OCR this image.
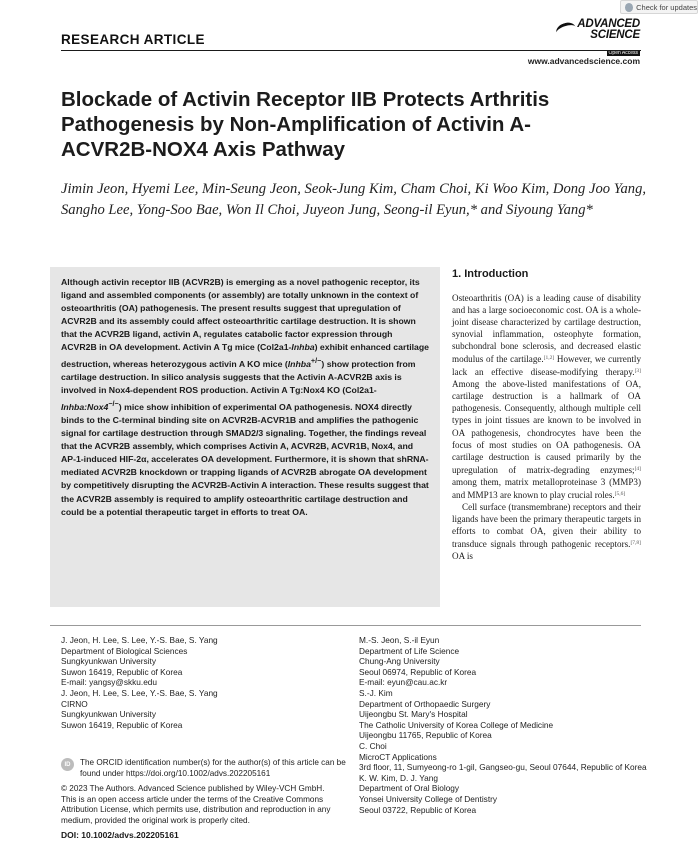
Check for updates
RESEARCH ARTICLE
ADVANCED
SCIENCE
Open Access
www.advancedscience.com
Blockade of Activin Receptor IIB Protects Arthritis Pathogenesis by Non-Amplification of Activin A-ACVR2B-NOX4 Axis Pathway
Jimin Jeon, Hyemi Lee, Min-Seung Jeon, Seok-Jung Kim, Cham Choi, Ki Woo Kim, Dong Joo Yang, Sangho Lee, Yong-Soo Bae, Won Il Choi, Juyeon Jung, Seong-il Eyun,* and Siyoung Yang*
Although activin receptor IIB (ACVR2B) is emerging as a novel pathogenic receptor, its ligand and assembled components (or assembly) are totally unknown in the context of osteoarthritis (OA) pathogenesis. The present results suggest that upregulation of ACVR2B and its assembly could affect osteoarthritic cartilage destruction. It is shown that the ACVR2B ligand, activin A, regulates catabolic factor expression through ACVR2B in OA development. Activin A Tg mice (Col2a1-Inhba) exhibit enhanced cartilage destruction, whereas heterozygous activin A KO mice (Inhba+/−) show protection from cartilage destruction. In silico analysis suggests that the Activin A-ACVR2B axis is involved in Nox4-dependent ROS production. Activin A Tg:Nox4 KO (Col2a1-Inhba:Nox4−/−) mice show inhibition of experimental OA pathogenesis. NOX4 directly binds to the C-terminal binding site on ACVR2B-ACVR1B and amplifies the pathogenic signal for cartilage destruction through SMAD2/3 signaling. Together, the findings reveal that the ACVR2B assembly, which comprises Activin A, ACVR2B, ACVR1B, Nox4, and AP-1-induced HIF-2α, accelerates OA development. Furthermore, it is shown that shRNA-mediated ACVR2B knockdown or trapping ligands of ACVR2B abrogate OA development by competitively disrupting the ACVR2B-Activin A interaction. These results suggest that the ACVR2B assembly is required to amplify osteoarthritic cartilage destruction and could be a potential therapeutic target in efforts to treat OA.
1. Introduction

Osteoarthritis (OA) is a leading cause of disability and has a large socioeconomic cost. OA is a whole-joint disease characterized by cartilage destruction, synovial inflammation, osteophyte formation, subchondral bone sclerosis, and decreased elastic modulus of the cartilage.[1,2] However, we currently lack an effective disease-modifying therapy.[3] Among the above-listed manifestations of OA, cartilage destruction is a hallmark of OA pathogenesis. Consequently, although multiple cell types in joint tissues are known to be involved in OA pathogenesis, chondrocytes have been the focus of most studies on OA pathogenesis. OA cartilage destruction is caused primarily by the upregulation of matrix-degrading enzymes;[4] among them, matrix metalloproteinase 3 (MMP3) and MMP13 are known to play crucial roles.[5,6]

Cell surface (transmembrane) receptors and their ligands have been the primary therapeutic targets in efforts to combat OA, given their ability to transduce signals through pathogenic receptors.[7,8] OA is

J. Jeon, H. Lee, S. Lee, Y.-S. Bae, S. Yang
Department of Biological Sciences
Sungkyunkwan University
Suwon 16419, Republic of Korea
E-mail: yangsy@skku.edu
J. Jeon, H. Lee, S. Lee, Y.-S. Bae, S. Yang
CIRNO
Sungkyunkwan University
Suwon 16419, Republic of Korea
M.-S. Jeon, S.-il Eyun
Department of Life Science
Chung-Ang University
Seoul 06974, Republic of Korea
E-mail: eyun@cau.ac.kr
S.-J. Kim
Department of Orthopaedic Surgery
Uijeongbu St. Mary's Hospital
The Catholic University of Korea College of Medicine
Uijeongbu 11765, Republic of Korea
C. Choi
MicroCT Applications
3rd floor, 11, Sumyeong-ro 1-gil, Gangseo-gu, Seoul 07644, Republic of Korea
K. W. Kim, D. J. Yang
Department of Oral Biology
Yonsei University College of Dentistry
Seoul 03722, Republic of Korea
ID	The ORCID identification number(s) for the author(s) of this article can be found under https://doi.org/10.1002/advs.202205161
© 2023 The Authors. Advanced Science published by Wiley-VCH GmbH. This is an open access article under the terms of the Creative Commons Attribution License, which permits use, distribution and reproduction in any medium, provided the original work is properly cited.
DOI: 10.1002/advs.202205161
